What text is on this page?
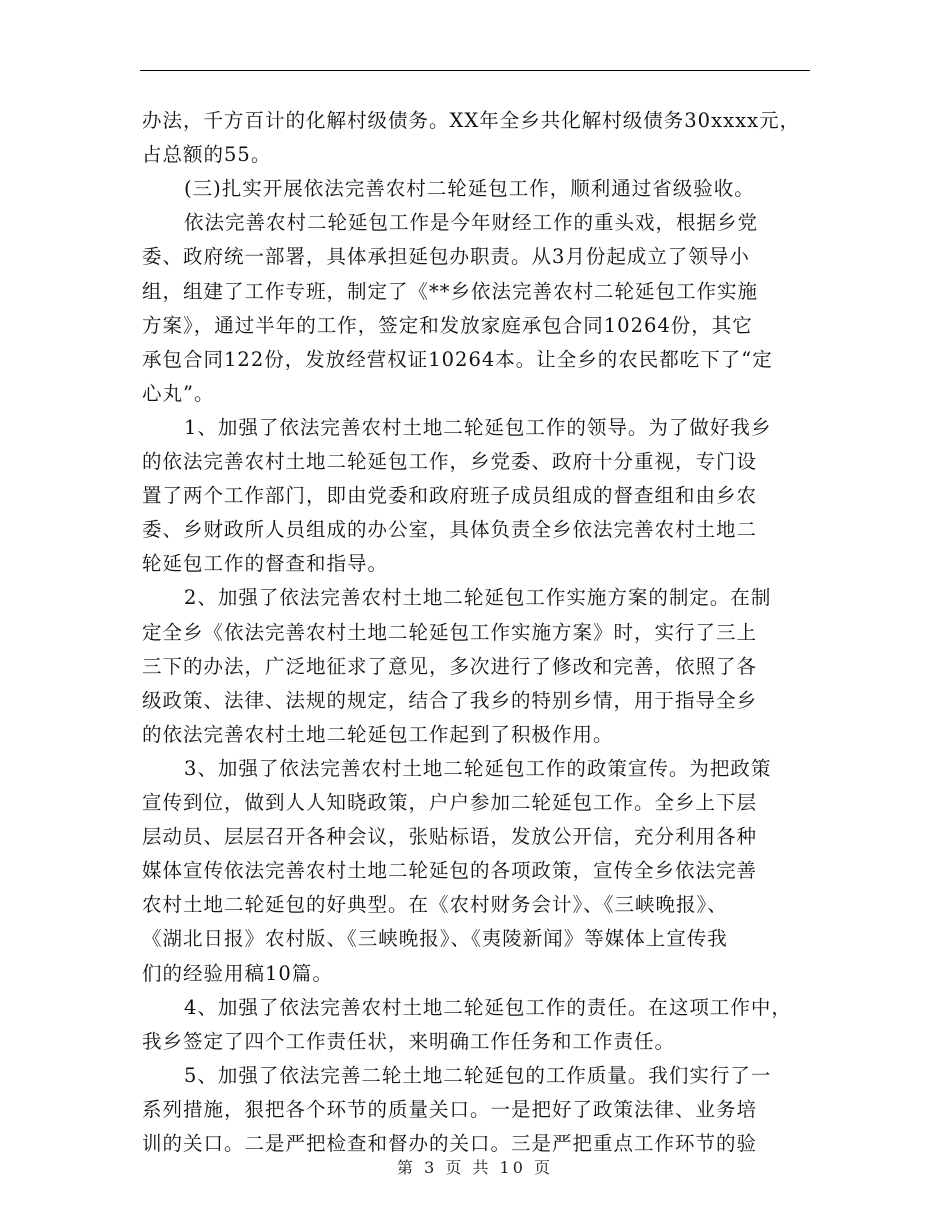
办法，千方百计的化解村级债务。XX年全乡共化解村级债务30xxxx元，
占总额的55。
(三)扎实开展依法完善农村二轮延包工作，顺利通过省级验收。
依法完善农村二轮延包工作是今年财经工作的重头戏，根据乡党
委、政府统一部署，具体承担延包办职责。从3月份起成立了领导小
组，组建了工作专班，制定了《**乡依法完善农村二轮延包工作实施
方案》，通过半年的工作，签定和发放家庭承包合同10264份，其它
承包合同122份，发放经营权证10264本。让全乡的农民都吃下了“定
心丸”。
1、加强了依法完善农村土地二轮延包工作的领导。为了做好我乡
的依法完善农村土地二轮延包工作，乡党委、政府十分重视，专门设
置了两个工作部门，即由党委和政府班子成员组成的督查组和由乡农
委、乡财政所人员组成的办公室，具体负责全乡依法完善农村土地二
轮延包工作的督查和指导。
2、加强了依法完善农村土地二轮延包工作实施方案的制定。在制
定全乡《依法完善农村土地二轮延包工作实施方案》时，实行了三上
三下的办法，广泛地征求了意见，多次进行了修改和完善，依照了各
级政策、法律、法规的规定，结合了我乡的特别乡情，用于指导全乡
的依法完善农村土地二轮延包工作起到了积极作用。
3、加强了依法完善农村土地二轮延包工作的政策宣传。为把政策
宣传到位，做到人人知晓政策，户户参加二轮延包工作。全乡上下层
层动员、层层召开各种会议，张贴标语，发放公开信，充分利用各种
媒体宣传依法完善农村土地二轮延包的各项政策，宣传全乡依法完善
农村土地二轮延包的好典型。在《农村财务会计》、《三峡晚报》、
《湖北日报》农村版、《三峡晚报》、《夷陵新闻》等媒体上宣传我
们的经验用稿10篇。
4、加强了依法完善农村土地二轮延包工作的责任。在这项工作中，
我乡签定了四个工作责任状，来明确工作任务和工作责任。
5、加强了依法完善二轮土地二轮延包的工作质量。我们实行了一
系列措施，狠把各个环节的质量关口。一是把好了政策法律、业务培
训的关口。二是严把检查和督办的关口。三是严把重点工作环节的验
第 3 页 共 10 页
